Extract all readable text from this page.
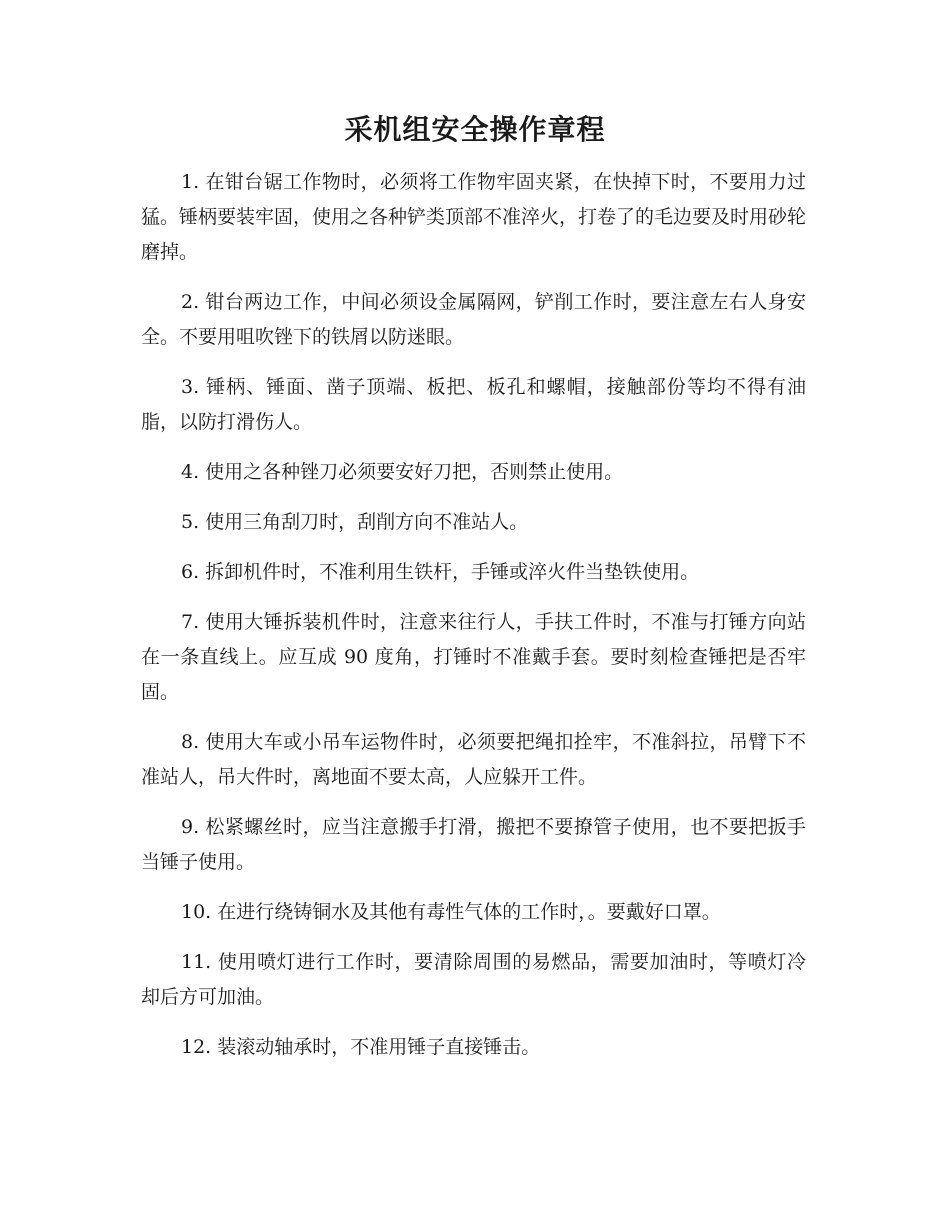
采机组安全操作章程

1. 在钳台锯工作物时，必须将工作物牢固夹紧，在快掉下时，不要用力过猛。锤柄要装牢固，使用之各种铲类顶部不准淬火，打卷了的毛边要及时用砂轮磨掉。

2. 钳台两边工作，中间必须设金属隔网，铲削工作时，要注意左右人身安全。不要用咀吹锉下的铁屑以防迷眼。

3. 锤柄、锤面、凿子顶端、板把、板孔和螺帽，接触部份等均不得有油脂，以防打滑伤人。

4. 使用之各种锉刀必须要安好刀把，否则禁止使用。

5. 使用三角刮刀时，刮削方向不准站人。

6. 拆卸机件时，不准利用生铁杆，手锤或淬火件当垫铁使用。

7. 使用大锤拆装机件时，注意来往行人，手扶工件时，不准与打锤方向站在一条直线上。应互成 90 度角，打锤时不准戴手套。要时刻检查锤把是否牢固。

8. 使用大车或小吊车运物件时，必须要把绳扣拴牢，不准斜拉，吊臂下不准站人，吊大件时，离地面不要太高，人应躲开工件。

9. 松紧螺丝时，应当注意搬手打滑，搬把不要撩管子使用，也不要把扳手当锤子使用。

10. 在进行绕铸铜水及其他有毒性气体的工作时，。要戴好口罩。

11. 使用喷灯进行工作时，要清除周围的易燃品，需要加油时，等喷灯冷却后方可加油。

12. 装滚动轴承时，不准用锤子直接锤击。
